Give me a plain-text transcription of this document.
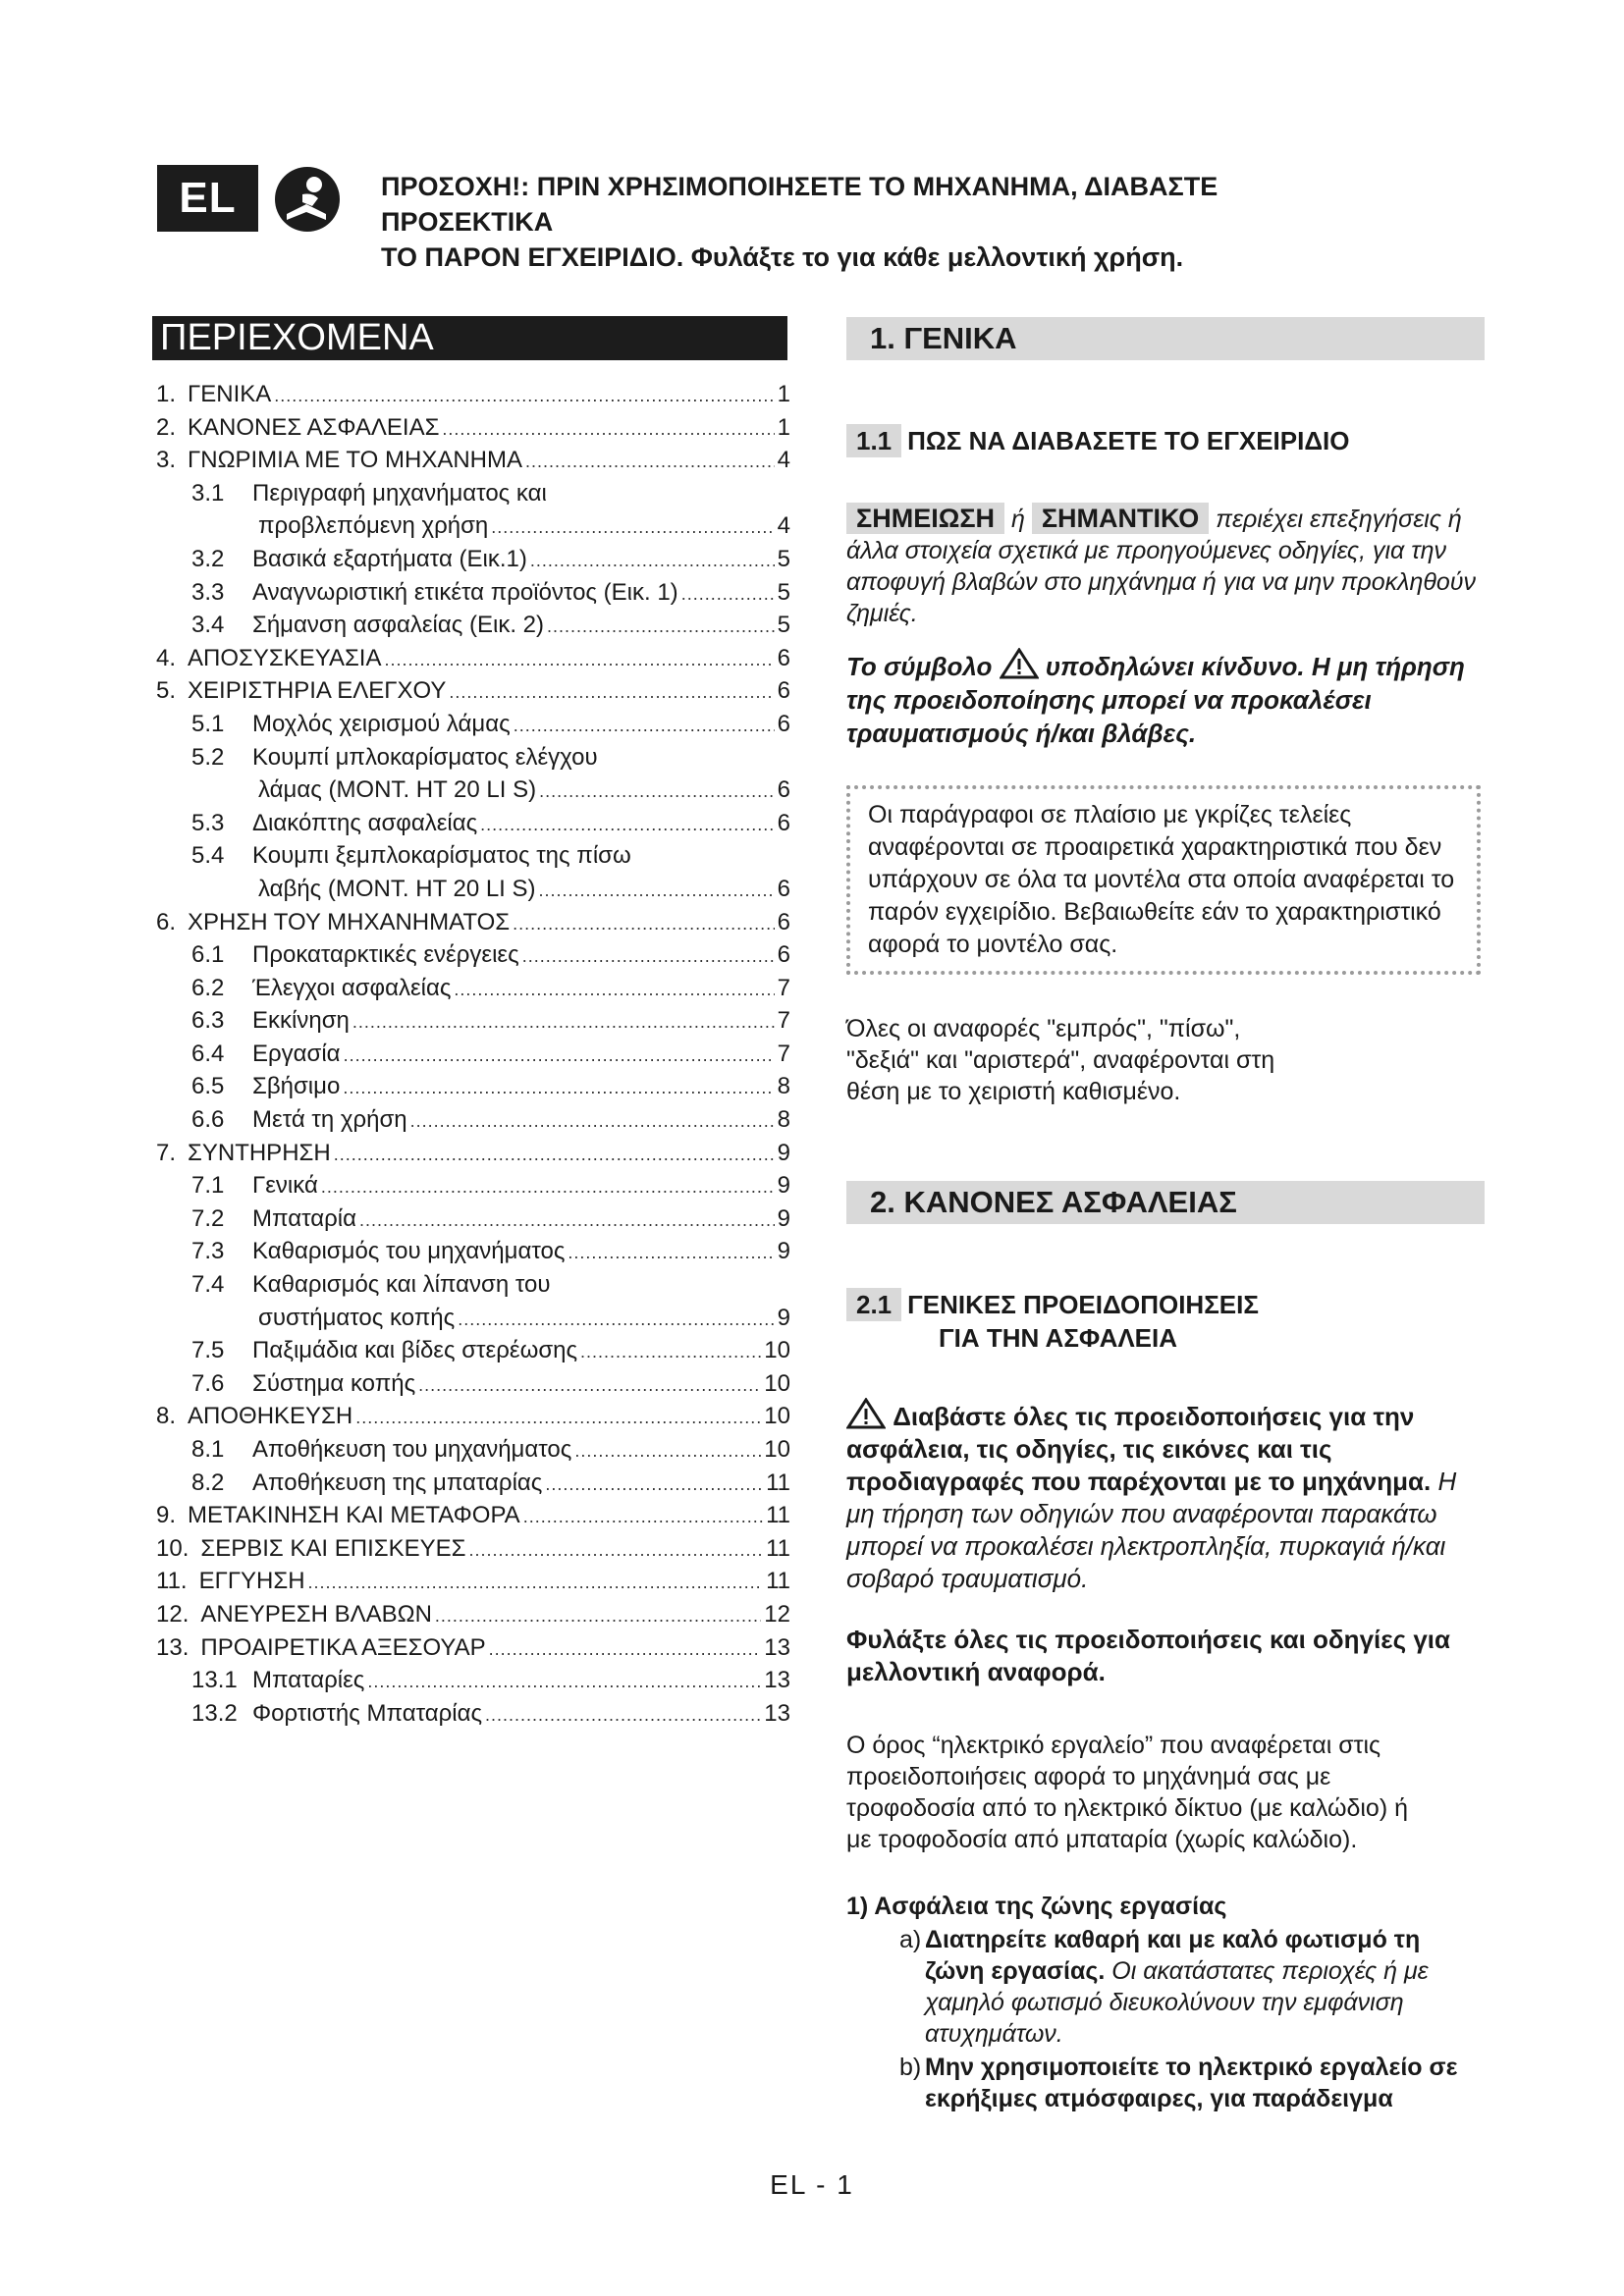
EL	ΠΡΟΣΟΧΗ!: ΠΡΙΝ ΧΡΗΣΙΜΟΠΟΙΗΣΕΤΕ ΤΟ ΜΗΧΑΝΗΜΑ, ΔΙΑΒΑΣΤΕ ΠΡΟΣΕΚΤΙΚΑ
ΤΟ ΠΑΡΟΝ ΕΓΧΕΙΡΙΔΙΟ. Φυλάξτε το για κάθε μελλοντική χρήση.
ΠΕΡΙΕΧΟΜΕΝΑ
1. ΓΕΝΙΚΑ .....	1
2. ΚΑΝΟΝΕΣ ΑΣΦΑΛΕΙΑΣ .....	1
3. ΓΝΩΡΙΜΙΑ ΜΕ ΤΟ ΜΗΧΑΝΗΜΑ .....	4
3.1 Περιγραφή μηχανήματος και
προβλεπόμενη χρήση .....	4
3.2 Βασικά εξαρτήματα (Εικ.1) .....	5
3.3 Αναγνωριστική ετικέτα προϊόντος (Εικ. 1) .....	5
3.4 Σήμανση ασφαλείας (Εικ. 2) .....	5
4. ΑΠΟΣΥΣΚΕΥΑΣΙΑ .....	6
5. ΧΕΙΡΙΣΤΗΡΙΑ ΕΛΕΓΧΟΥ .....	6
5.1 Μοχλός χειρισμού λάμας .....	6
5.2 Κουμπί μπλοκαρίσματος ελέγχου
λάμας (ΜΟΝΤ. HT 20 LI S) .....	6
5.3 Διακόπτης ασφαλείας .....	6
5.4 Κουμπι ξεμπλοκαρίσματος της πίσω
λαβής (ΜΟΝΤ. HT 20 LI S) .....	6
6. ΧΡΗΣΗ ΤΟΥ ΜΗΧΑΝΗΜΑΤΟΣ .....	6
6.1 Προκαταρκτικές ενέργειες .....	6
6.2 Έλεγχοι ασφαλείας .....	7
6.3 Εκκίνηση .....	7
6.4 Εργασία .....	7
6.5 Σβήσιμο .....	8
6.6 Μετά τη χρήση .....	8
7. ΣΥΝΤΗΡΗΣΗ .....	9
7.1 Γενικά .....	9
7.2 Μπαταρία .....	9
7.3 Καθαρισμός του μηχανήματος .....	9
7.4 Καθαρισμός και λίπανση του
συστήματος κοπής .....	9
7.5 Παξιμάδια και βίδες στερέωσης .....	10
7.6 Σύστημα κοπής .....	10
8. ΑΠΟΘΗΚΕΥΣΗ .....	10
8.1 Αποθήκευση του μηχανήματος .....	10
8.2 Αποθήκευση της μπαταρίας .....	11
9. ΜΕΤΑΚΙΝΗΣΗ ΚΑΙ ΜΕΤΑΦΟΡΑ .....	11
10. ΣΕΡΒΙΣ ΚΑΙ ΕΠΙΣΚΕΥΕΣ .....	11
11. ΕΓΓΥΗΣΗ .....	11
12. ΑΝΕΥΡΕΣΗ ΒΛΑΒΩΝ .....	12
13. ΠΡΟΑΙΡΕΤΙΚΑ ΑΞΕΣΟΥΑΡ .....	13
13.1 Μπαταρίες .....	13
13.2 Φορτιστής Μπαταρίας .....	13
1. ΓΕΝΙΚΑ
1.1 ΠΩΣ ΝΑ ΔΙΑΒΑΣΕΤΕ ΤΟ ΕΓΧΕΙΡΙΔΙΟ
ΣΗΜΕΙΩΣΗ ή ΣΗΜΑΝΤΙΚΟ περιέχει επεξηγήσεις ή άλλα στοιχεία σχετικά με προηγούμενες οδηγίες, για την αποφυγή βλαβών στο μηχάνημα ή για να μην προκληθούν ζημιές.
Το σύμβολο υποδηλώνει κίνδυνο. Η μη τήρηση της προειδοποίησης μπορεί να προκαλέσει τραυματισμούς ή/και βλάβες.
Οι παράγραφοι σε πλαίσιο με γκρίζες τελείες αναφέρονται σε προαιρετικά χαρακτηριστικά που δεν υπάρχουν σε όλα τα μοντέλα στα οποία αναφέρεται το παρόν εγχειρίδιο. Βεβαιωθείτε εάν το χαρακτηριστικό αφορά το μοντέλο σας.
Όλες οι αναφορές "εμπρός", "πίσω", "δεξιά" και "αριστερά", αναφέρονται στη θέση με το χειριστή καθισμένο.
2. ΚΑΝΟΝΕΣ ΑΣΦΑΛΕΙΑΣ
2.1 ΓΕΝΙΚΕΣ ΠΡΟΕΙΔΟΠΟΙΗΣΕΙΣ
ΓΙΑ ΤΗΝ ΑΣΦΑΛΕΙΑ
Διαβάστε όλες τις προειδοποιήσεις για την ασφάλεια, τις οδηγίες, τις εικόνες και τις προδιαγραφές που παρέχονται με το μηχάνημα. Η μη τήρηση των οδηγιών που αναφέρονται παρακάτω μπορεί να προκαλέσει ηλεκτροπληξία, πυρκαγιά ή/και σοβαρό τραυματισμό.
Φυλάξτε όλες τις προειδοποιήσεις και οδηγίες για μελλοντική αναφορά.
Ο όρος “ηλεκτρικό εργαλείο” που αναφέρεται στις προειδοποιήσεις αφορά το μηχάνημά σας με τροφοδοσία από το ηλεκτρικό δίκτυο (με καλώδιο) ή με τροφοδοσία από μπαταρία (χωρίς καλώδιο).
1) Ασφάλεια της ζώνης εργασίας
a) Διατηρείτε καθαρή και με καλό φωτισμό τη ζώνη εργασίας. Οι ακατάστατες περιοχές ή με χαμηλό φωτισμό διευκολύνουν την εμφάνιση ατυχημάτων.
b) Μην χρησιμοποιείτε το ηλεκτρικό εργαλείο σε εκρήξιμες ατμόσφαιρες, για παράδειγμα
EL - 1
